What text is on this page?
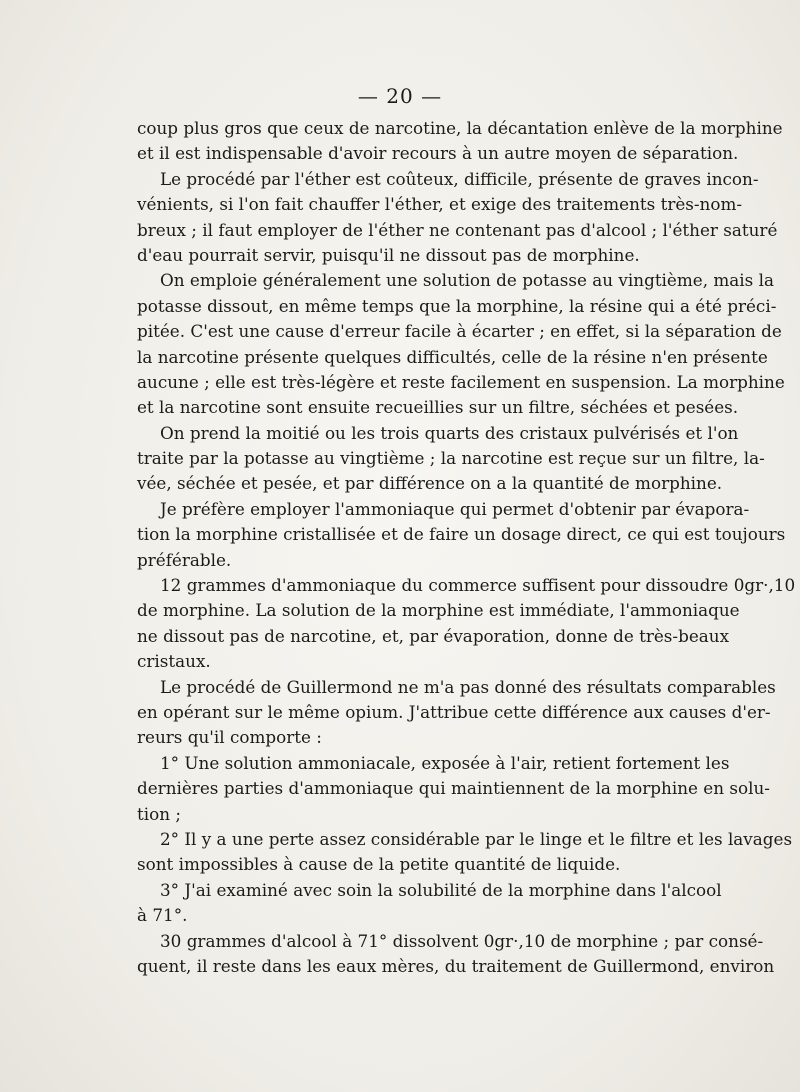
— 20 —
coup plus gros que ceux de narcotine, la décantation enlève de la morphine
et il est indispensable d'avoir recours à un autre moyen de séparation.
Le procédé par l'éther est coûteux, difficile, présente de graves incon-
vénients, si l'on fait chauffer l'éther, et exige des traitements très-nom-
breux ; il faut employer de l'éther ne contenant pas d'alcool ; l'éther saturé
d'eau pourrait servir, puisqu'il ne dissout pas de morphine.
On emploie généralement une solution de potasse au vingtième, mais la
potasse dissout, en même temps que la morphine, la résine qui a été préci-
pitée. C'est une cause d'erreur facile à écarter ; en effet, si la séparation de
la narcotine présente quelques difficultés, celle de la résine n'en présente
aucune ; elle est très-légère et reste facilement en suspension. La morphine
et la narcotine sont ensuite recueillies sur un filtre, séchées et pesées.
On prend la moitié ou les trois quarts des cristaux pulvérisés et l'on
traite par la potasse au vingtième ; la narcotine est reçue sur un filtre, la-
vée, séchée et pesée, et par différence on a la quantité de morphine.
Je préfère employer l'ammoniaque qui permet d'obtenir par évapora-
tion la morphine cristallisée et de faire un dosage direct, ce qui est toujours
préférable.
12 grammes d'ammoniaque du commerce suffisent pour dissoudre 0gr·,10
de morphine. La solution de la morphine est immédiate, l'ammoniaque
ne dissout pas de narcotine, et, par évaporation, donne de très-beaux
cristaux.
Le procédé de Guillermond ne m'a pas donné des résultats comparables
en opérant sur le même opium. J'attribue cette différence aux causes d'er-
reurs qu'il comporte :
1° Une solution ammoniacale, exposée à l'air, retient fortement les
dernières parties d'ammoniaque qui maintiennent de la morphine en solu-
tion ;
2° Il y a une perte assez considérable par le linge et le filtre et les lavages
sont impossibles à cause de la petite quantité de liquide.
3° J'ai examiné avec soin la solubilité de la morphine dans l'alcool
à 71°.
30 grammes d'alcool à 71° dissolvent 0gr·,10 de morphine ; par consé-
quent, il reste dans les eaux mères, du traitement de Guillermond, environ
